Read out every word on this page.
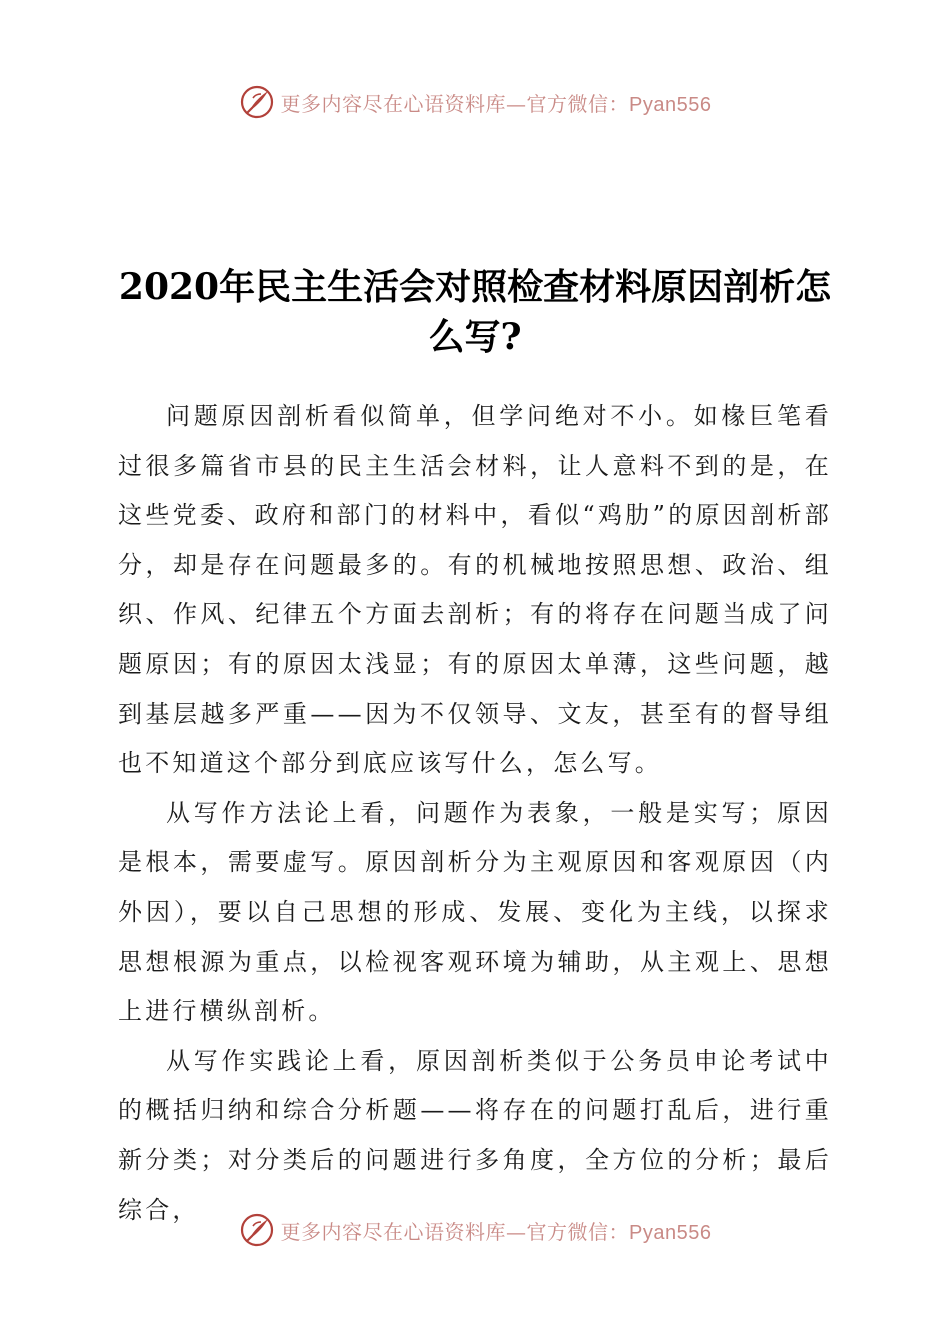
更多内容尽在心语资料库—官方微信：Pyan556
2020年民主生活会对照检查材料原因剖析怎么写?

问题原因剖析看似简单，但学问绝对不小。如椽巨笔看过很多篇省市县的民主生活会材料，让人意料不到的是，在这些党委、政府和部门的材料中，看似“鸡肋”的原因剖析部分，却是存在问题最多的。有的机械地按照思想、政治、组织、作风、纪律五个方面去剖析；有的将存在问题当成了问题原因；有的原因太浅显；有的原因太单薄，这些问题，越到基层越多严重——因为不仅领导、文友，甚至有的督导组也不知道这个部分到底应该写什么，怎么写。

从写作方法论上看，问题作为表象，一般是实写；原因是根本，需要虚写。原因剖析分为主观原因和客观原因（内外因），要以自己思想的形成、发展、变化为主线，以探求思想根源为重点，以检视客观环境为辅助，从主观上、思想上进行横纵剖析。

从写作实践论上看，原因剖析类似于公务员申论考试中的概括归纳和综合分析题——将存在的问题打乱后，进行重新分类；对分类后的问题进行多角度，全方位的分析；最后综合，

更多内容尽在心语资料库—官方微信：Pyan556
